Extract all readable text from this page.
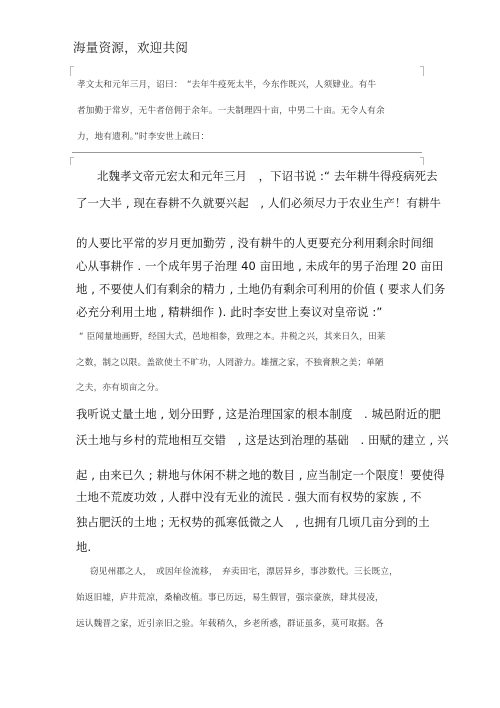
海量资源，欢迎共阅
孝文太和元年三月，诏曰：　“去年牛疫死太半，今东作既兴，人须肄业。有牛
者加勤于常岁，无牛者倍佣于余年。一夫制理四十亩，中男二十亩。无令人有余
力，地有遗利。”时李安世上疏曰：
北魏孝文帝元宏太和元年三月　，下诏书说 :“ 去年耕牛得疫病死去
了一大半 , 现在春耕不久就要兴起　, 人们必须尽力于农业生产！有耕牛
的人要比平常的岁月更加勤劳 , 没有耕牛的人更要充分利用剩余时间细
心从事耕作 . 一个成年男子治理 40 亩田地 , 未成年的男子治理 20 亩田
地 , 不要使人们有剩余的精力 , 土地仍有剩余可利用的价值 ( 要求人们务
必充分利用土地 , 精耕细作 ). 此时李安世上奏议对皇帝说 :”
“ 臣闻量地画野，经国大式，邑地相参，致理之本。井税之兴，其来日久，田莱
之数，制之以限。盖欲使土不旷功，人罔游力。雄擅之家，不独膏腴之美；单陋
之夫，亦有顷亩之分。
我听说丈量土地 , 划分田野 , 这是治理国家的根本制度　. 城邑附近的肥
沃土地与乡村的荒地相互交错　, 这是达到治理的基础　. 田赋的建立 , 兴
起 , 由来已久 ; 耕地与休闲不耕之地的数目 , 应当制定一个限度！要使得
土地不荒废功效 , 人群中没有无业的流民 . 强大而有权势的家族 , 不
独占肥沃的土地 ; 无权势的孤寒低微之人　, 也拥有几顷几亩分到的土
地.
窃见州郡之人，　或因年俭流移，　弃卖田宅，漂居异乡，事涉数代。三长既立，
始返旧墟，庐井荒凉，桑榆改植。事已历远，易生假冒，强宗豪族，肆其侵凌，
远认魏晋之家，近引亲旧之验。年载稍久，乡老所惑，群证虽多，莫可取据。各
